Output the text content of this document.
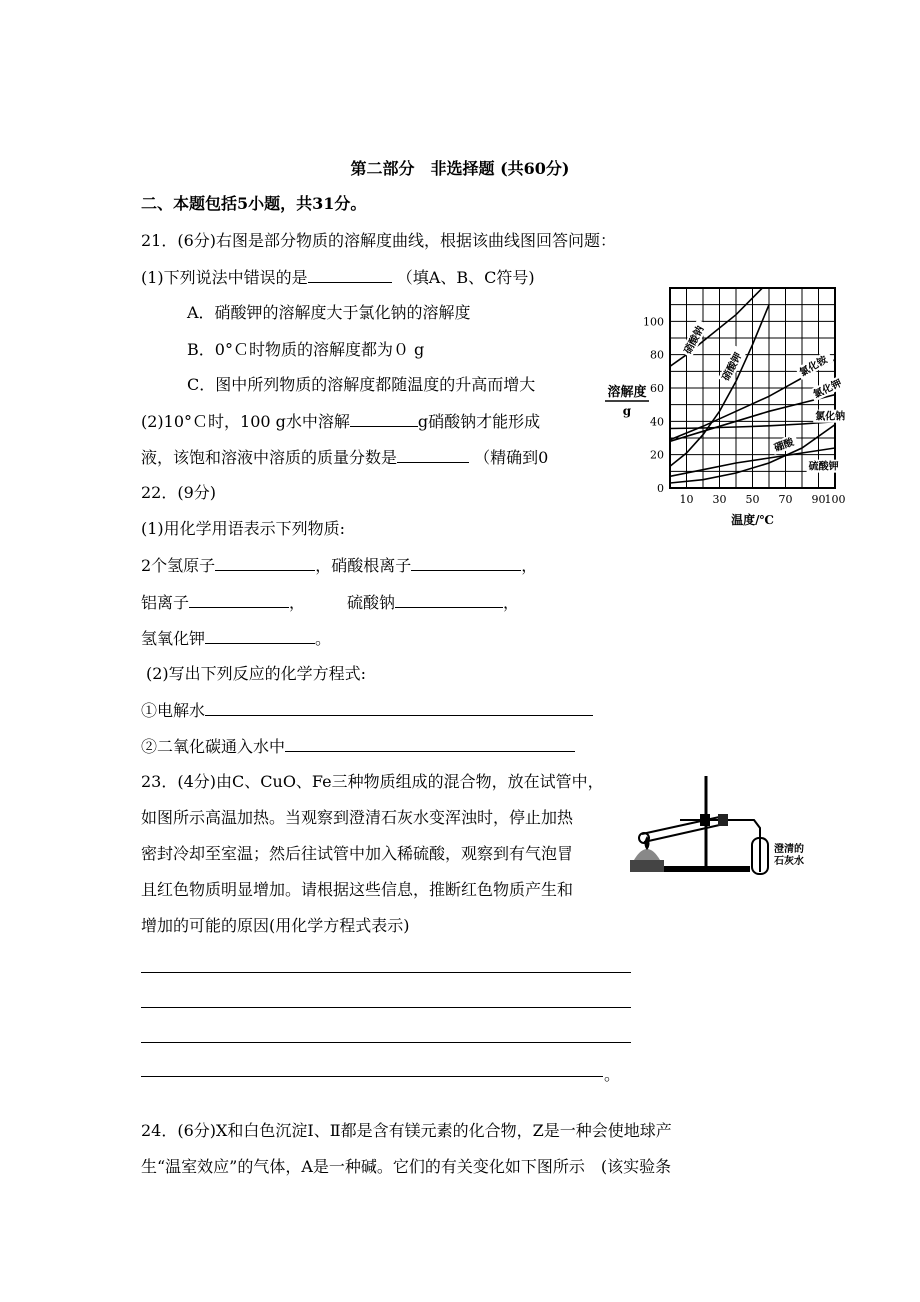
第二部分　非选择题 (共60分)
二、本题包括5小题，共31分。
21．(6分)右图是部分物质的溶解度曲线，根据该曲线图回答问题：
(1)下列说法中错误的是	（填A、B、C符号)
A．硝酸钾的溶解度大于氯化钠的溶解度
B．0°Ｃ时物质的溶解度都为０ g
C．图中所列物质的溶解度都随温度的升高而增大
(2)10°Ｃ时，100 g水中溶解	g硝酸钠才能形成
液，该饱和溶液中溶质的质量分数是	（精确到0
0
20
40
60
80
100
10 30 50 70 90 100
溶解度
g
温度/℃
硝酸钠
硝酸钾	氯化铵
氯化钾
氯化钠
硼酸
硫酸钾
22．(9分)
(1)用化学用语表示下列物质:
2个氢原子	，硝酸根离子	，
铝离子	，	硫酸钠	，
氢氧化钾	。
(2)写出下列反应的化学方程式:
①电解水
②二氧化碳通入水中
23．(4分)由C、CuO、Fe三种物质组成的混合物，放在试管中，
如图所示高温加热。当观察到澄清石灰水变浑浊时，停止加热
密封冷却至室温；然后往试管中加入稀硫酸，观察到有气泡冒
且红色物质明显增加。请根据这些信息，推断红色物质产生和
增加的可能的原因(用化学方程式表示)
澄清的
石灰水
。
24．(6分)X和白色沉淀Ⅰ、Ⅱ都是含有镁元素的化合物，Z是一种会使地球产
生“温室效应”的气体，A是一种碱。它们的有关变化如下图所示　(该实验条
